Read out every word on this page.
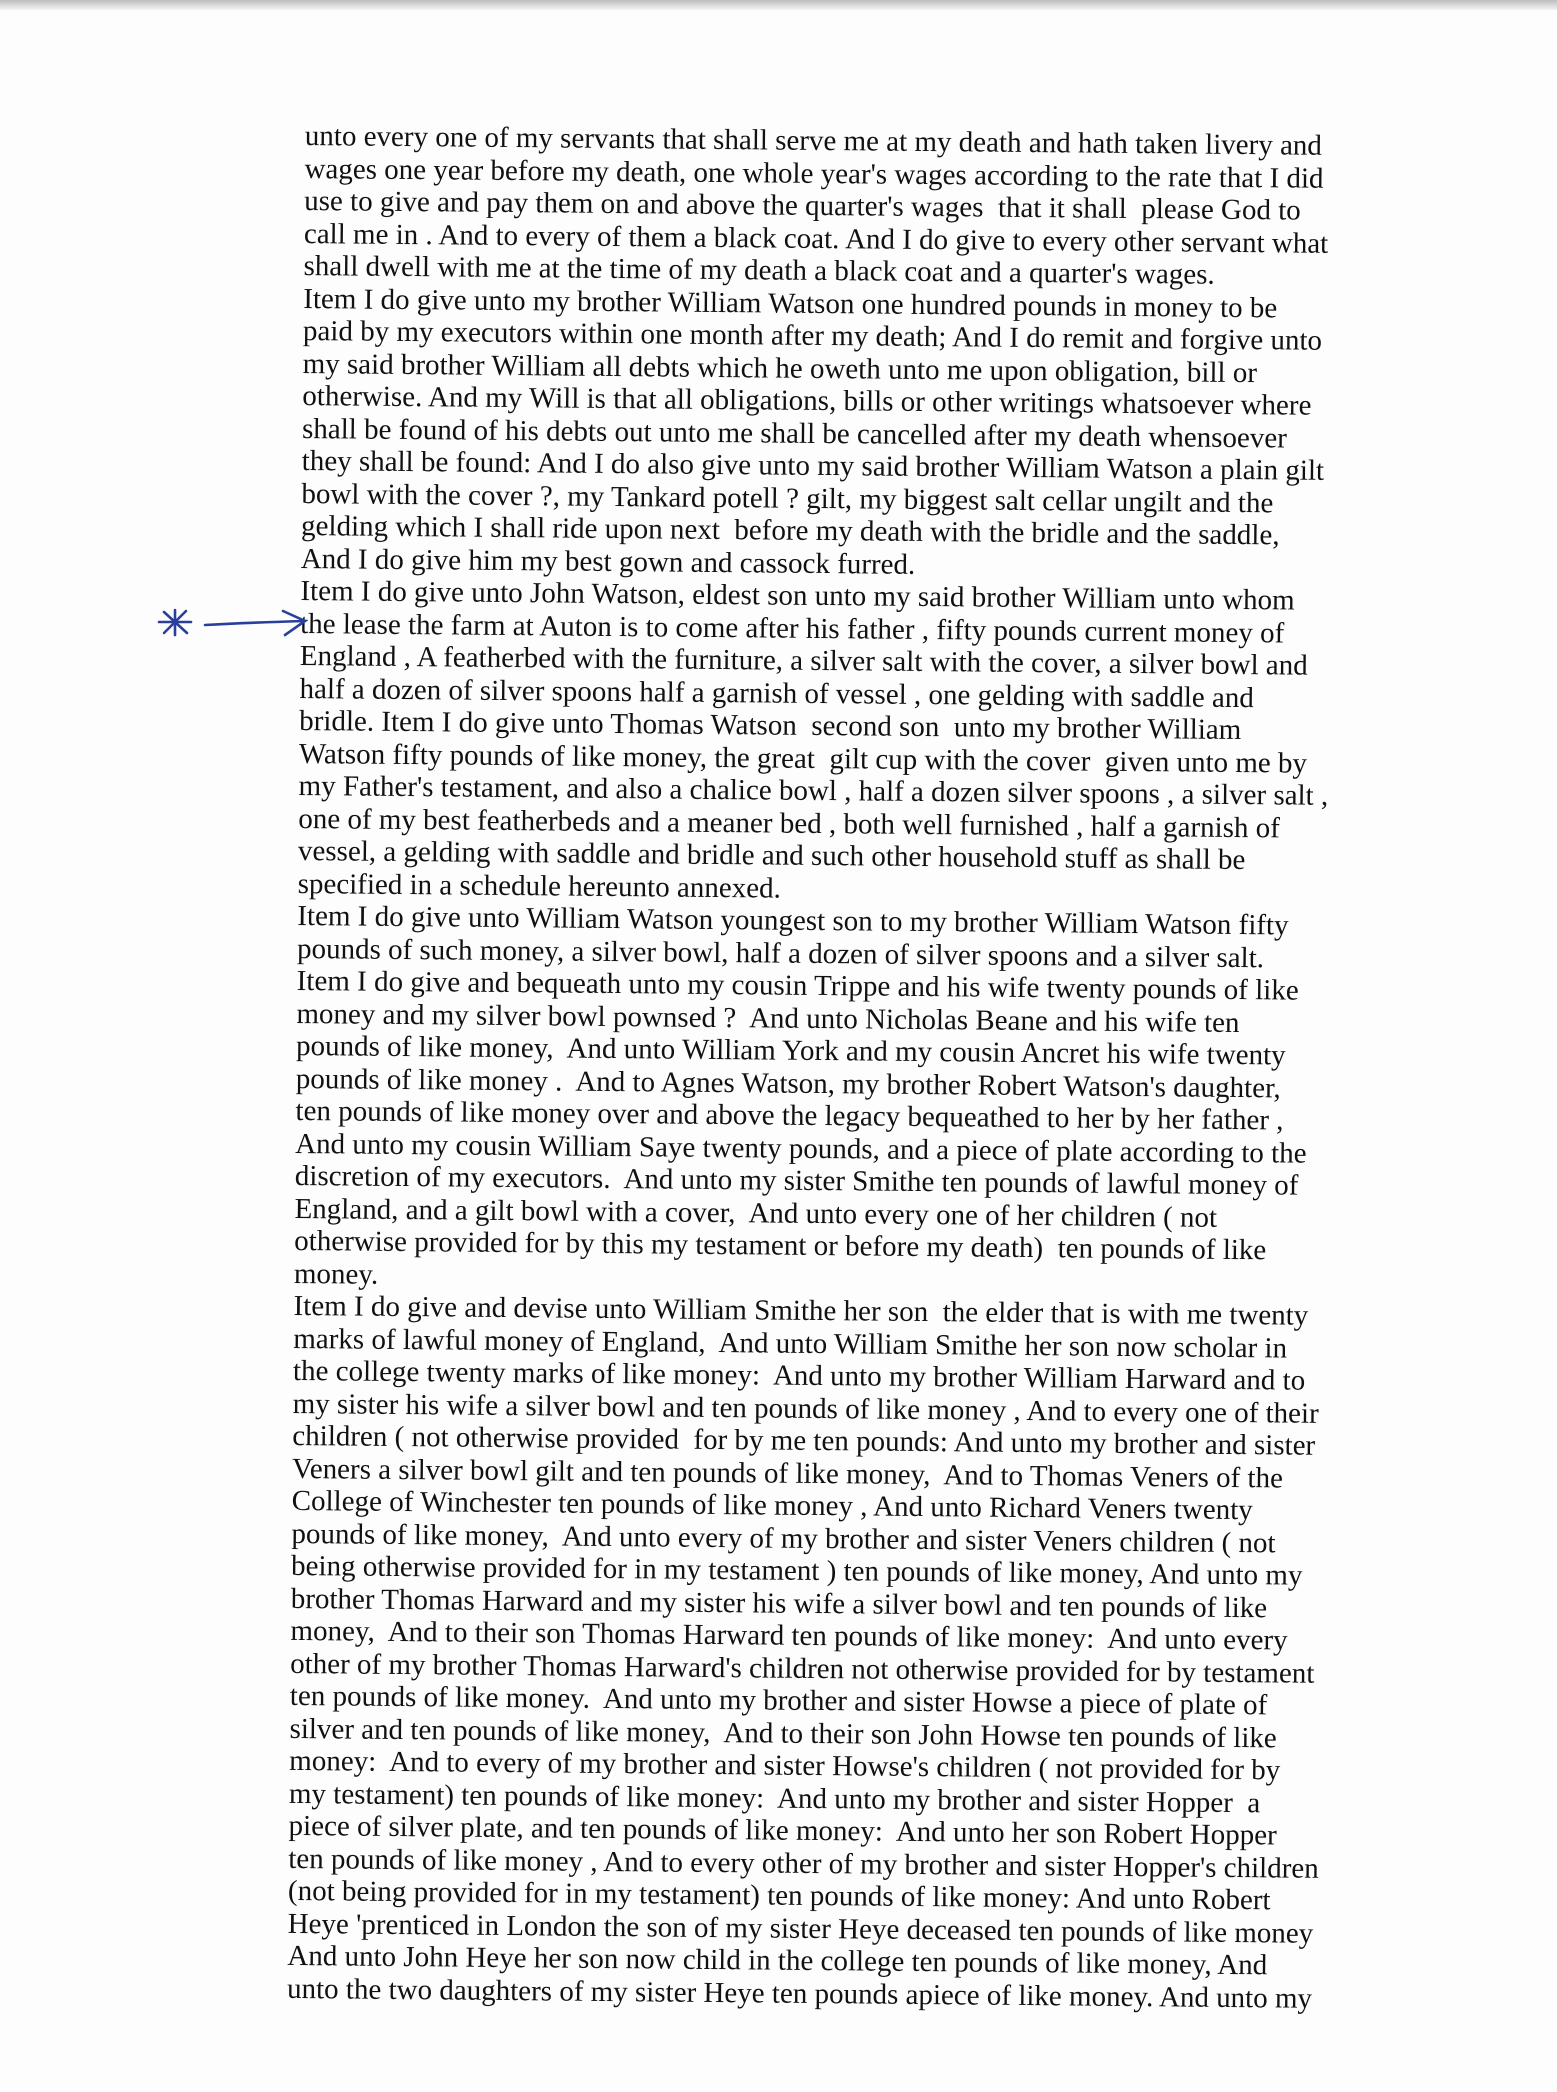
unto every one of my servants that shall serve me at my death and hath taken livery and
wages one year before my death, one whole year's wages according to the rate that I did
use to give and pay them on and above the quarter's wages  that it shall  please God to
call me in . And to every of them a black coat. And I do give to every other servant what
shall dwell with me at the time of my death a black coat and a quarter's wages.

Item I do give unto my brother William Watson one hundred pounds in money to be
paid by my executors within one month after my death; And I do remit and forgive unto
my said brother William all debts which he oweth unto me upon obligation, bill or
otherwise. And my Will is that all obligations, bills or other writings whatsoever where
shall be found of his debts out unto me shall be cancelled after my death whensoever
they shall be found: And I do also give unto my said brother William Watson a plain gilt
bowl with the cover ?, my Tankard potell ? gilt, my biggest salt cellar ungilt and the
gelding which I shall ride upon next  before my death with the bridle and the saddle,
And I do give him my best gown and cassock furred.

Item I do give unto John Watson, eldest son unto my said brother William unto whom
the lease the farm at Auton is to come after his father , fifty pounds current money of
England , A featherbed with the furniture, a silver salt with the cover, a silver bowl and
half a dozen of silver spoons half a garnish of vessel , one gelding with saddle and
bridle. Item I do give unto Thomas Watson  second son  unto my brother William
Watson fifty pounds of like money, the great  gilt cup with the cover  given unto me by
my Father's testament, and also a chalice bowl , half a dozen silver spoons , a silver salt ,
one of my best featherbeds and a meaner bed , both well furnished , half a garnish of
vessel, a gelding with saddle and bridle and such other household stuff as shall be
specified in a schedule hereunto annexed.

Item I do give unto William Watson youngest son to my brother William Watson fifty
pounds of such money, a silver bowl, half a dozen of silver spoons and a silver salt.
Item I do give and bequeath unto my cousin Trippe and his wife twenty pounds of like
money and my silver bowl pownsed ?  And unto Nicholas Beane and his wife ten
pounds of like money,  And unto William York and my cousin Ancret his wife twenty
pounds of like money .  And to Agnes Watson, my brother Robert Watson's daughter,
ten pounds of like money over and above the legacy bequeathed to her by her father ,
And unto my cousin William Saye twenty pounds, and a piece of plate according to the
discretion of my executors.  And unto my sister Smithe ten pounds of lawful money of
England, and a gilt bowl with a cover,  And unto every one of her children ( not
otherwise provided for by this my testament or before my death)  ten pounds of like
money.

Item I do give and devise unto William Smithe her son  the elder that is with me twenty
marks of lawful money of England,  And unto William Smithe her son now scholar in
the college twenty marks of like money:  And unto my brother William Harward and to
my sister his wife a silver bowl and ten pounds of like money , And to every one of their
children ( not otherwise provided  for by me ten pounds: And unto my brother and sister
Veners a silver bowl gilt and ten pounds of like money,  And to Thomas Veners of the
College of Winchester ten pounds of like money , And unto Richard Veners twenty
pounds of like money,  And unto every of my brother and sister Veners children ( not
being otherwise provided for in my testament ) ten pounds of like money, And unto my
brother Thomas Harward and my sister his wife a silver bowl and ten pounds of like
money,  And to their son Thomas Harward ten pounds of like money:  And unto every
other of my brother Thomas Harward's children not otherwise provided for by testament
ten pounds of like money.  And unto my brother and sister Howse a piece of plate of
silver and ten pounds of like money,  And to their son John Howse ten pounds of like
money:  And to every of my brother and sister Howse's children ( not provided for by
my testament) ten pounds of like money:  And unto my brother and sister Hopper  a
piece of silver plate, and ten pounds of like money:  And unto her son Robert Hopper
ten pounds of like money , And to every other of my brother and sister Hopper's children
(not being provided for in my testament) ten pounds of like money: And unto Robert
Heye 'prenticed in London the son of my sister Heye deceased ten pounds of like money
And unto John Heye her son now child in the college ten pounds of like money, And
unto the two daughters of my sister Heye ten pounds apiece of like money. And unto my
